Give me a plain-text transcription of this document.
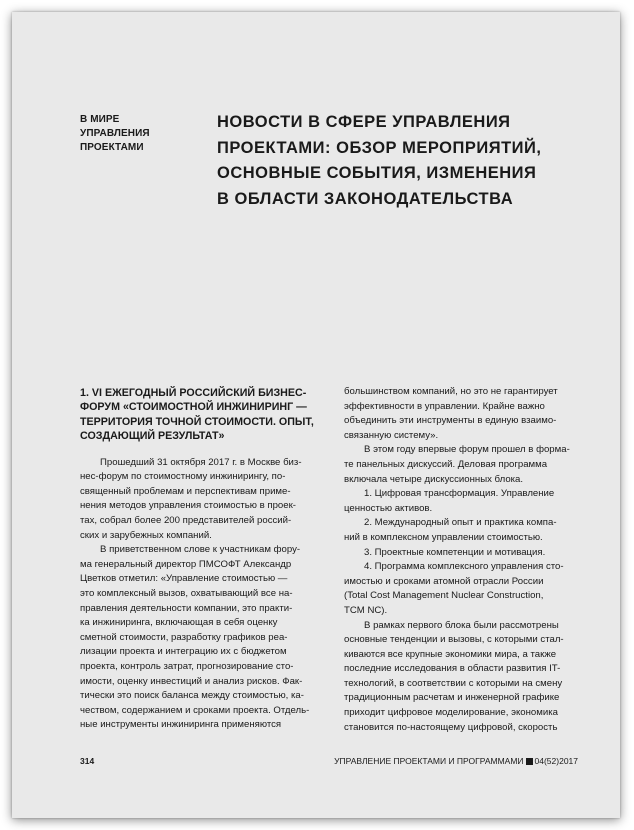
В МИРЕ УПРАВЛЕНИЯ
ПРОЕКТАМИ
НОВОСТИ В СФЕРЕ УПРАВЛЕНИЯ
ПРОЕКТАМИ: ОБЗОР МЕРОПРИЯТИЙ,
ОСНОВНЫЕ СОБЫТИЯ, ИЗМЕНЕНИЯ
В ОБЛАСТИ ЗАКОНОДАТЕЛЬСТВА
1. VI ЕЖЕГОДНЫЙ РОССИЙСКИЙ БИЗНЕС-
ФОРУМ «СТОИМОСТНОЙ ИНЖИНИРИНГ —
ТЕРРИТОРИЯ ТОЧНОЙ СТОИМОСТИ. ОПЫТ,
СОЗДАЮЩИЙ РЕЗУЛЬТАТ»

Прошедший 31 октября 2017 г. в Москве биз-
нес-форум по стоимостному инжинирингу, по-
священный проблемам и перспективам приме-
нения методов управления стоимостью в проек-
тах, собрал более 200 представителей россий-
ских и зарубежных компаний.

В приветственном слове к участникам фору-
ма генеральный директор ПМСОФТ Александр
Цветков отметил: «Управление стоимостью —
это комплексный вызов, охватывающий все на-
правления деятельности компании, это практи-
ка инжиниринга, включающая в себя оценку
сметной стоимости, разработку графиков реа-
лизации проекта и интеграцию их с бюджетом
проекта, контроль затрат, прогнозирование сто-
имости, оценку инвестиций и анализ рисков. Фак-
тически это поиск баланса между стоимостью, ка-
чеством, содержанием и сроками проекта. Отдель-
ные инструменты инжиниринга применяются

большинством компаний, но это не гарантирует
эффективности в управлении. Крайне важно
объединить эти инструменты в единую взаимо-
связанную систему».

В этом году впервые форум прошел в форма-
те панельных дискуссий. Деловая программа
включала четыре дискуссионных блока.

1. Цифровая трансформация. Управление
ценностью активов.

2. Международный опыт и практика компа-
ний в комплексном управлении стоимостью.

3. Проектные компетенции и мотивация.

4. Программа комплексного управления сто-
имостью и сроками атомной отрасли России
(Total Cost Management Nuclear Construction,
TCM NC).

В рамках первого блока были рассмотрены
основные тенденции и вызовы, с которыми стал-
киваются все крупные экономики мира, а также
последние исследования в области развития IT-
технологий, в соответствии с которыми на смену
традиционным расчетам и инженерной графике
приходит цифровое моделирование, экономика
становится по-настоящему цифровой, скорость

314	УПРАВЛЕНИЕ ПРОЕКТАМИ И ПРОГРАММАМИ 04(52)2017
